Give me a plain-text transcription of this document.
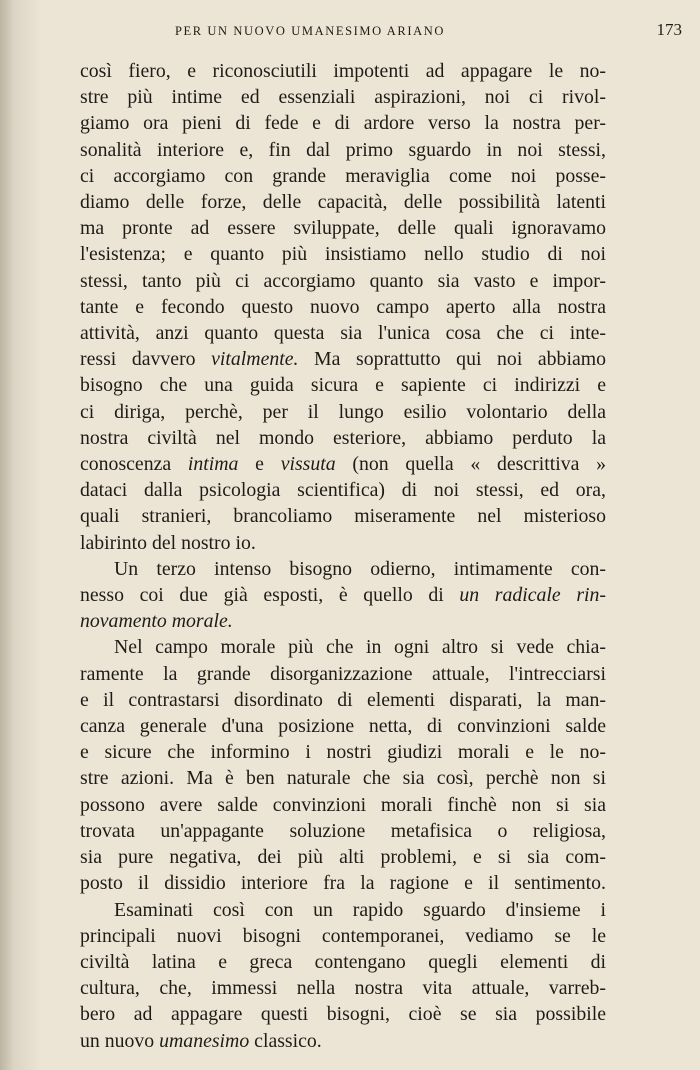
PER UN NUOVO UMANESIMO ARIANO	173
così fiero, e riconosciutili impotenti ad appagare le no-
stre più intime ed essenziali aspirazioni, noi ci rivol-
giamo ora pieni di fede e di ardore verso la nostra per-
sonalità interiore e, fin dal primo sguardo in noi stessi,
ci accorgiamo con grande meraviglia come noi posse-
diamo delle forze, delle capacità, delle possibilità latenti
ma pronte ad essere sviluppate, delle quali ignoravamo
l'esistenza; e quanto più insistiamo nello studio di noi
stessi, tanto più ci accorgiamo quanto sia vasto e impor-
tante e fecondo questo nuovo campo aperto alla nostra
attività, anzi quanto questa sia l'unica cosa che ci inte-
ressi davvero vitalmente. Ma soprattutto qui noi abbiamo
bisogno che una guida sicura e sapiente ci indirizzi e
ci diriga, perchè, per il lungo esilio volontario della
nostra civiltà nel mondo esteriore, abbiamo perduto la
conoscenza intima e vissuta (non quella « descrittiva »
dataci dalla psicologia scientifica) di noi stessi, ed ora,
quali stranieri, brancoliamo miseramente nel misterioso
labirinto del nostro io.
Un terzo intenso bisogno odierno, intimamente con-
nesso coi due già esposti, è quello di un radicale rin-
novamento morale.
Nel campo morale più che in ogni altro si vede chia-
ramente la grande disorganizzazione attuale, l'intrecciarsi
e il contrastarsi disordinato di elementi disparati, la man-
canza generale d'una posizione netta, di convinzioni salde
e sicure che informino i nostri giudizi morali e le no-
stre azioni. Ma è ben naturale che sia così, perchè non si
possono avere salde convinzioni morali finchè non si sia
trovata un'appagante soluzione metafisica o religiosa,
sia pure negativa, dei più alti problemi, e si sia com-
posto il dissidio interiore fra la ragione e il sentimento.
Esaminati così con un rapido sguardo d'insieme i
principali nuovi bisogni contemporanei, vediamo se le
civiltà latina e greca contengano quegli elementi di
cultura, che, immessi nella nostra vita attuale, varreb-
bero ad appagare questi bisogni, cioè se sia possibile
un nuovo umanesimo classico.
